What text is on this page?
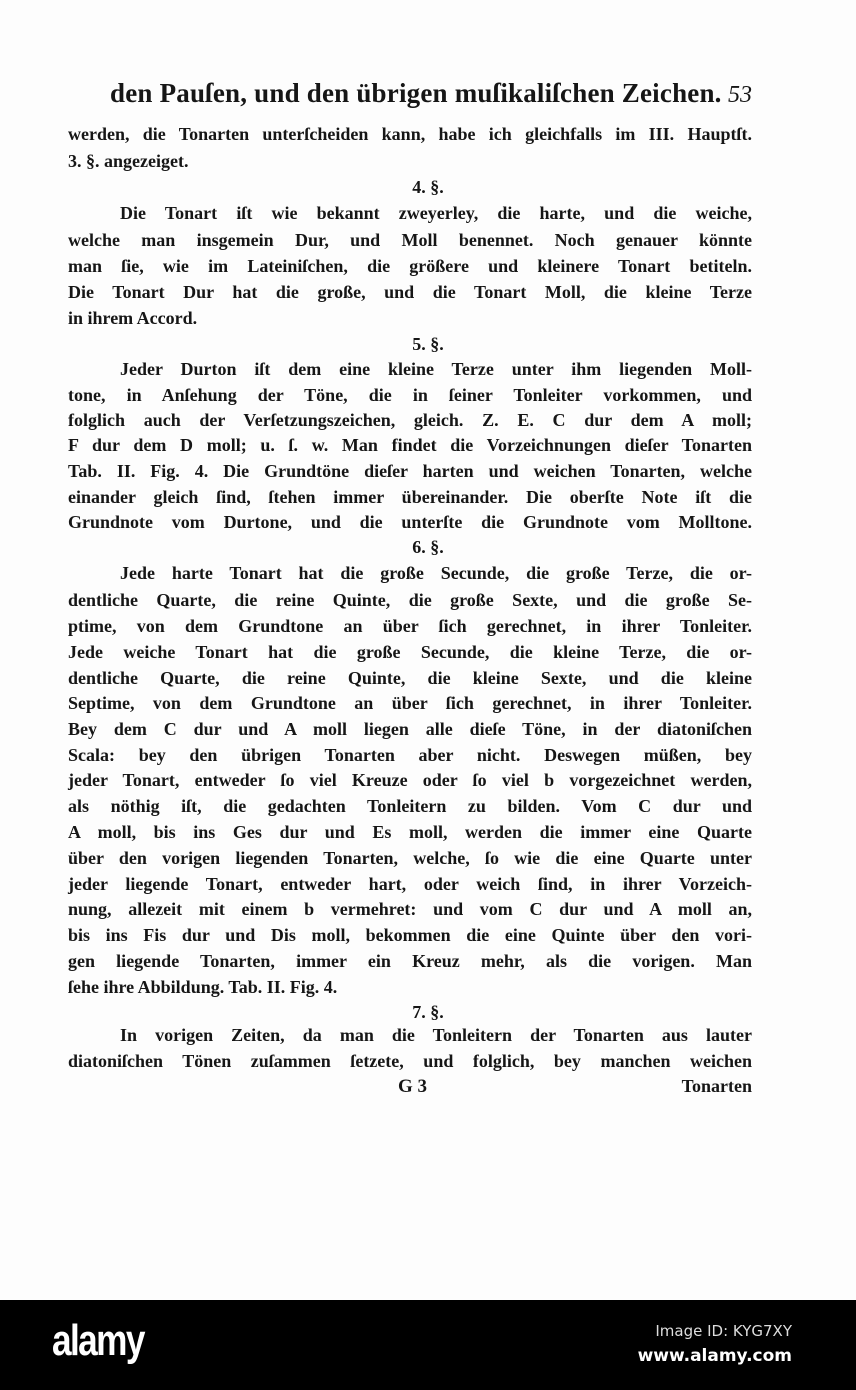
den Pauſen, und den übrigen muſikaliſchen Zeichen. 53
werden, die Tonarten unterſcheiden kann, habe ich gleichfalls im III. Hauptſt.
3. §. angezeiget.
4. §.
Die Tonart iſt wie bekannt zweyerley, die harte, und die weiche,
welche man insgemein Dur, und Moll benennet. Noch genauer könnte
man ſie, wie im Lateiniſchen, die größere und kleinere Tonart betiteln.
Die Tonart Dur hat die große, und die Tonart Moll, die kleine Terze
in ihrem Accord.
5. §.
Jeder Durton iſt dem eine kleine Terze unter ihm liegenden Moll-
tone, in Anſehung der Töne, die in ſeiner Tonleiter vorkommen, und
folglich auch der Verſetzungszeichen, gleich. Z. E. C dur dem A moll;
F dur dem D moll; u. ſ. w. Man findet die Vorzeichnungen dieſer Tonarten
Tab. II. Fig. 4. Die Grundtöne dieſer harten und weichen Tonarten, welche
einander gleich ſind, ſtehen immer übereinander. Die oberſte Note iſt die
Grundnote vom Durtone, und die unterſte die Grundnote vom Molltone.
6. §.
Jede harte Tonart hat die große Secunde, die große Terze, die or-
dentliche Quarte, die reine Quinte, die große Sexte, und die große Se-
ptime, von dem Grundtone an über ſich gerechnet, in ihrer Tonleiter.
Jede weiche Tonart hat die große Secunde, die kleine Terze, die or-
dentliche Quarte, die reine Quinte, die kleine Sexte, und die kleine
Septime, von dem Grundtone an über ſich gerechnet, in ihrer Tonleiter.
Bey dem C dur und A moll liegen alle dieſe Töne, in der diatoniſchen
Scala: bey den übrigen Tonarten aber nicht. Deswegen müßen, bey
jeder Tonart, entweder ſo viel Kreuze oder ſo viel b vorgezeichnet werden,
als nöthig iſt, die gedachten Tonleitern zu bilden. Vom C dur und
A moll, bis ins Ges dur und Es moll, werden die immer eine Quarte
über den vorigen liegenden Tonarten, welche, ſo wie die eine Quarte unter
jeder liegende Tonart, entweder hart, oder weich ſind, in ihrer Vorzeich-
nung, allezeit mit einem b vermehret: und vom C dur und A moll an,
bis ins Fis dur und Dis moll, bekommen die eine Quinte über den vori-
gen liegende Tonarten, immer ein Kreuz mehr, als die vorigen. Man
ſehe ihre Abbildung. Tab. II. Fig. 4.
7. §.
In vorigen Zeiten, da man die Tonleitern der Tonarten aus lauter
diatoniſchen Tönen zuſammen ſetzete, und folglich, bey manchen weichen
G 3	Tonarten
alamy	Image ID: KYG7XY
www.alamy.com
